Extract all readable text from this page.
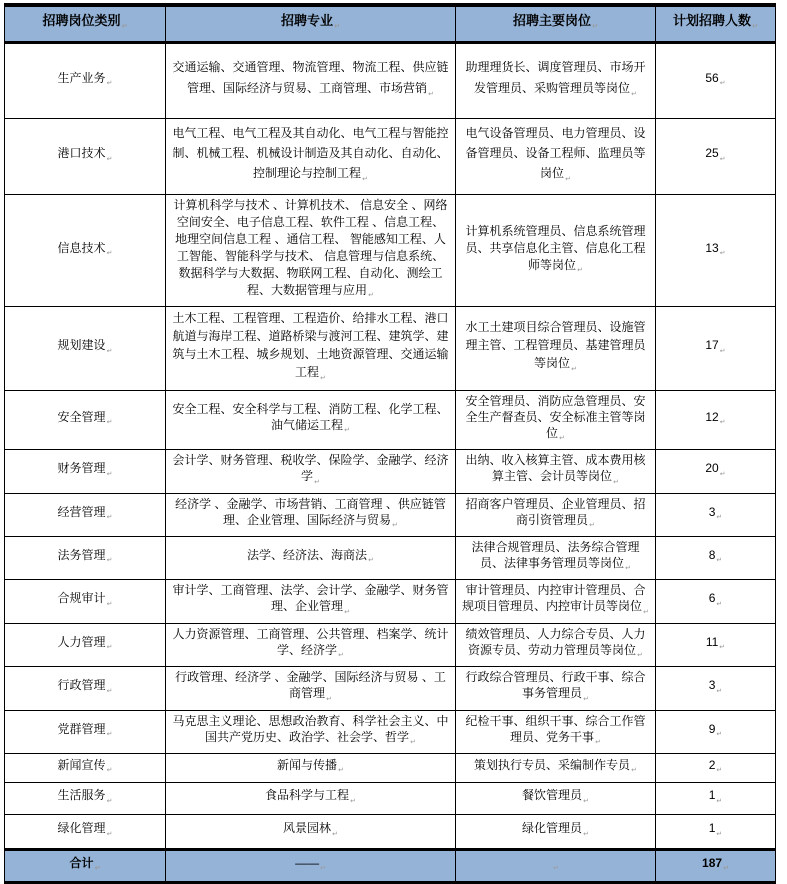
招聘岗位类别 ↵	招聘专业 ↵	招聘主要岗位 ↵	计划招聘人数 ↵
生产业务 ↵	交通运输、交通管理、物流管理、物流工程、供应链管理、国际经济与贸易、工商管理、市场营销 ↵	助理理货长、调度管理员、市场开发管理员、采购管理员等岗位 ↵	56 ↵
港口技术 ↵	电气工程、电气工程及其自动化、电气工程与智能控制、机械工程、机械设计制造及其自动化、自动化、控制理论与控制工程 ↵	电气设备管理员、电力管理员、设备管理员、设备工程师、监理员等岗位 ↵	25 ↵
信息技术 ↵	计算机科学与技术 、计算机技术、 信息安全 、网络空间安全、电子信息工程、软件工程 、信息工程、地理空间信息工程 、通信工程、 智能感知工程、人工智能、智能科学与技术、 信息管理与信息系统、数据科学与大数据、物联网工程、自动化、测绘工程、大数据管理与应用 ↵	计算机系统管理员、信息系统管理员、共享信息化主管、信息化工程师等岗位 ↵	13 ↵
规划建设 ↵	土木工程、工程管理、工程造价、给排水工程、港口航道与海岸工程、道路桥梁与渡河工程、建筑学、建筑与土木工程、城乡规划、土地资源管理、交通运输工程 ↵	水工土建项目综合管理员、设施管理主管、工程管理员、基建管理员等岗位 ↵	17 ↵
安全管理 ↵	安全工程、安全科学与工程、消防工程、化学工程、油气储运工程 ↵	安全管理员、消防应急管理员、安全生产督查员、安全标准主管等岗位 ↵	12 ↵
财务管理 ↵	会计学、财务管理、税收学、保险学、金融学、经济学 ↵	出纳、收入核算主管、成本费用核算主管、会计员等岗位 ↵	20 ↵
经营管理 ↵	经济学 、金融学、市场营销、工商管理 、供应链管理、企业管理、国际经济与贸易 ↵	招商客户管理员、企业管理员、招商引资管理员 ↵	3 ↵
法务管理 ↵	法学、经济法、海商法 ↵	法律合规管理员、法务综合管理员、法律事务管理员等岗位 ↵	8 ↵
合规审计 ↵	审计学、工商管理、法学、会计学、金融学、财务管理、企业管理 ↵	审计管理员、内控审计管理员、合规项目管理员、内控审计员等岗位 ↵	6 ↵
人力管理 ↵	人力资源管理、工商管理、公共管理、档案学、统计学、经济学 ↵	绩效管理员、人力综合专员、人力资源专员、劳动力管理员等岗位 ↵	11 ↵
行政管理 ↵	行政管理、经济学 、金融学、国际经济与贸易 、工商管理 ↵	行政综合管理员、行政干事、综合事务管理员 ↵	3 ↵
党群管理 ↵	马克思主义理论、思想政治教育、科学社会主义、中国共产党历史、政治学、社会学、哲学 ↵	纪检干事、组织干事、综合工作管理员、党务干事 ↵	9 ↵
新闻宣传 ↵	新闻与传播 ↵	策划执行专员、采编制作专员 ↵	2 ↵
生活服务 ↵	食品科学与工程 ↵	餐饮管理员 ↵	1 ↵
绿化管理 ↵	风景园林 ↵	绿化管理员 ↵	1 ↵
合计 ↵	—— ↵	↵	187 ↵
